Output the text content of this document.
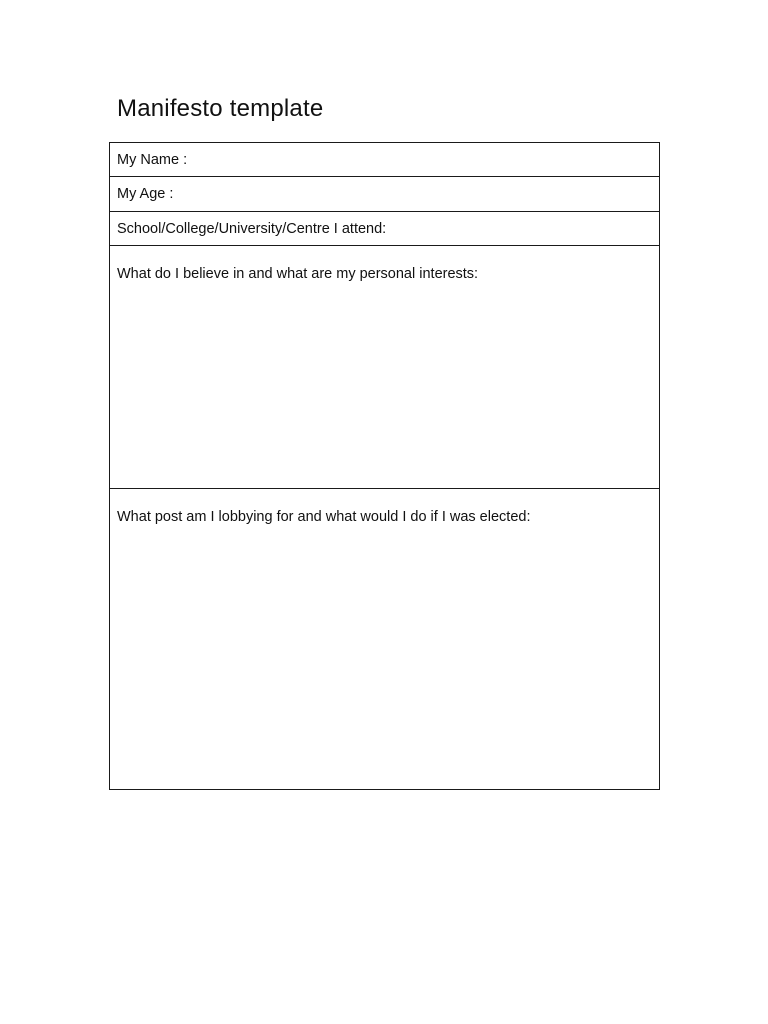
Manifesto template
My Name :
My Age :
School/College/University/Centre I attend:
What do I believe in and what are my personal interests:
What post am I lobbying for and what would I do if I was elected:
